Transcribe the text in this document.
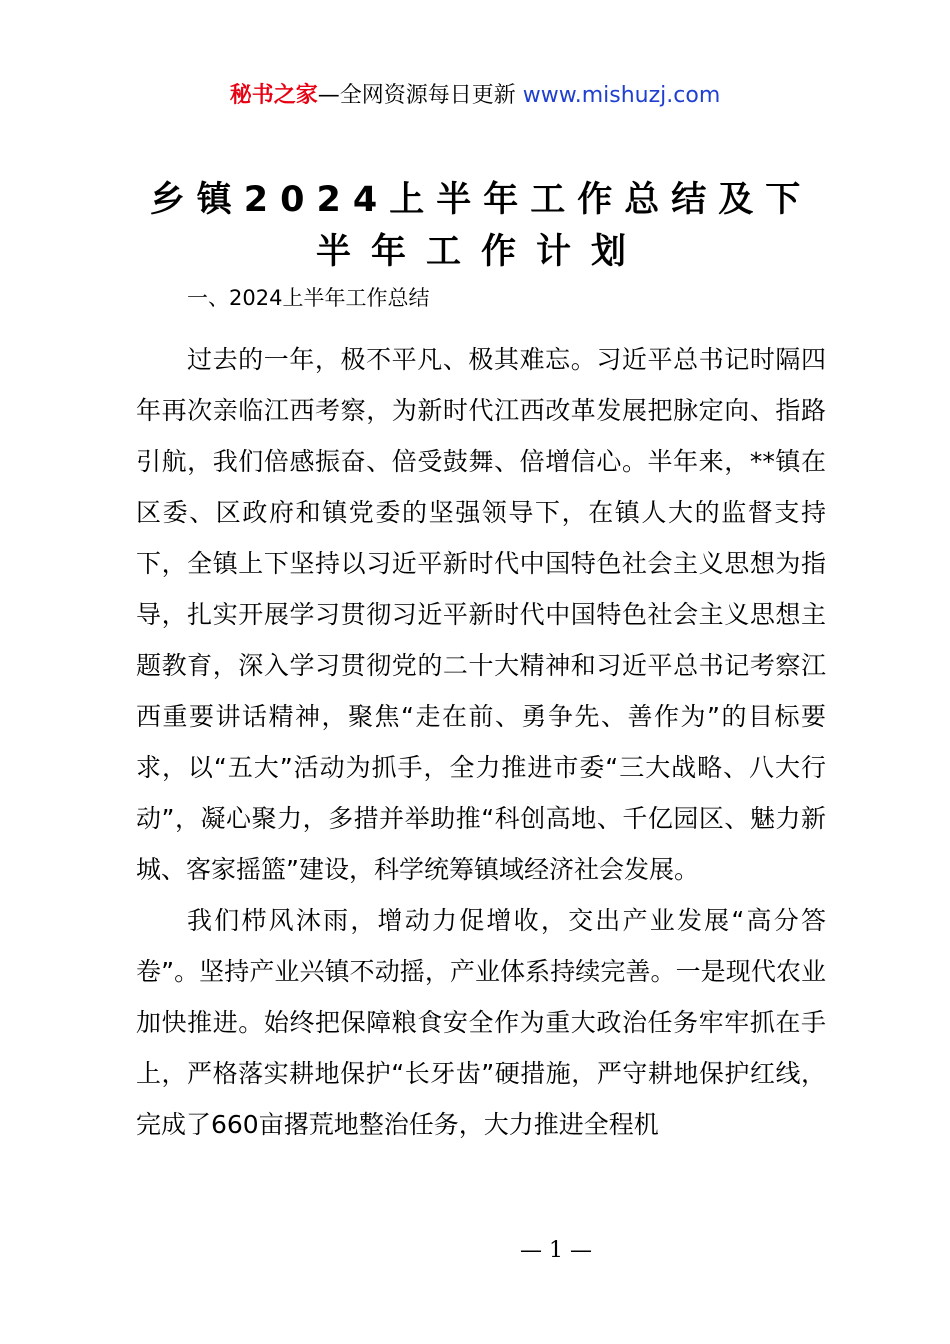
秘书之家—全网资源每日更新 www.mishuzj.com
乡镇2024上半年工作总结及下
半年工作计划

一、2024上半年工作总结

过去的一年，极不平凡、极其难忘。习近平总书记时隔四年再次亲临江西考察，为新时代江西改革发展把脉定向、指路引航，我们倍感振奋、倍受鼓舞、倍增信心。半年来，**镇在区委、区政府和镇党委的坚强领导下，在镇人大的监督支持下，全镇上下坚持以习近平新时代中国特色社会主义思想为指导，扎实开展学习贯彻习近平新时代中国特色社会主义思想主题教育，深入学习贯彻党的二十大精神和习近平总书记考察江西重要讲话精神，聚焦“走在前、勇争先、善作为”的目标要求，以“五大”活动为抓手，全力推进市委“三大战略、八大行动”，凝心聚力，多措并举助推“科创高地、千亿园区、魅力新城、客家摇篮”建设，科学统筹镇域经济社会发展。

我们栉风沐雨，增动力促增收，交出产业发展“高分答卷”。坚持产业兴镇不动摇，产业体系持续完善。一是现代农业加快推进。始终把保障粮食安全作为重大政治任务牢牢抓在手上，严格落实耕地保护“长牙齿”硬措施，严守耕地保护红线，完成了660亩撂荒地整治任务，大力推进全程机

— 1 —
